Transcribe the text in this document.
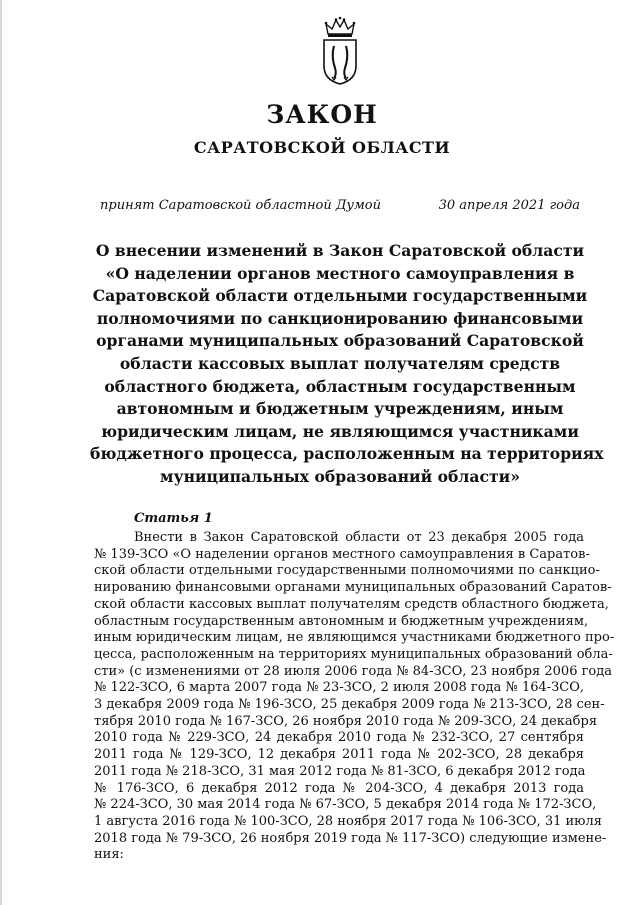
ЗАКОН
САРАТОВСКОЙ ОБЛАСТИ
принят Саратовской областной Думой	30 апреля 2021 года
О внесении изменений в Закон Саратовской области
«О наделении органов местного самоуправления в
Саратовской области отдельными государственными
полномочиями по санкционированию финансовыми
органами муниципальных образований Саратовской
области кассовых выплат получателям средств
областного бюджета, областным государственным
автономным и бюджетным учреждениям, иным
юридическим лицам, не являющимся участниками
бюджетного процесса, расположенным на территориях
муниципальных образований области»
Статья 1
Внести в Закон Саратовской области от 23 декабря 2005 года
№ 139-ЗСО «О наделении органов местного самоуправления в Саратов-
ской области отдельными государственными полномочиями по санкцио-
нированию финансовыми органами муниципальных образований Саратов-
ской области кассовых выплат получателям средств областного бюджета,
областным государственным автономным и бюджетным учреждениям,
иным юридическим лицам, не являющимся участниками бюджетного про-
цесса, расположенным на территориях муниципальных образований обла-
сти» (с изменениями от 28 июля 2006 года № 84-ЗСО, 23 ноября 2006 года
№ 122-ЗСО, 6 марта 2007 года № 23-ЗСО, 2 июля 2008 года № 164-ЗСО,
3 декабря 2009 года № 196-ЗСО, 25 декабря 2009 года № 213-ЗСО, 28 сен-
тября 2010 года № 167-ЗСО, 26 ноября 2010 года № 209-ЗСО, 24 декабря
2010 года № 229-ЗСО, 24 декабря 2010 года № 232-ЗСО, 27 сентября
2011 года № 129-ЗСО, 12 декабря 2011 года № 202-ЗСО, 28 декабря
2011 года № 218-ЗСО, 31 мая 2012 года № 81-ЗСО, 6 декабря 2012 года
№ 176-ЗСО, 6 декабря 2012 года № 204-ЗСО, 4 декабря 2013 года
№ 224-ЗСО, 30 мая 2014 года № 67-ЗСО, 5 декабря 2014 года № 172-ЗСО,
1 августа 2016 года № 100-ЗСО, 28 ноября 2017 года № 106-ЗСО, 31 июля
2018 года № 79-ЗСО, 26 ноября 2019 года № 117-ЗСО) следующие измене-
ния:
